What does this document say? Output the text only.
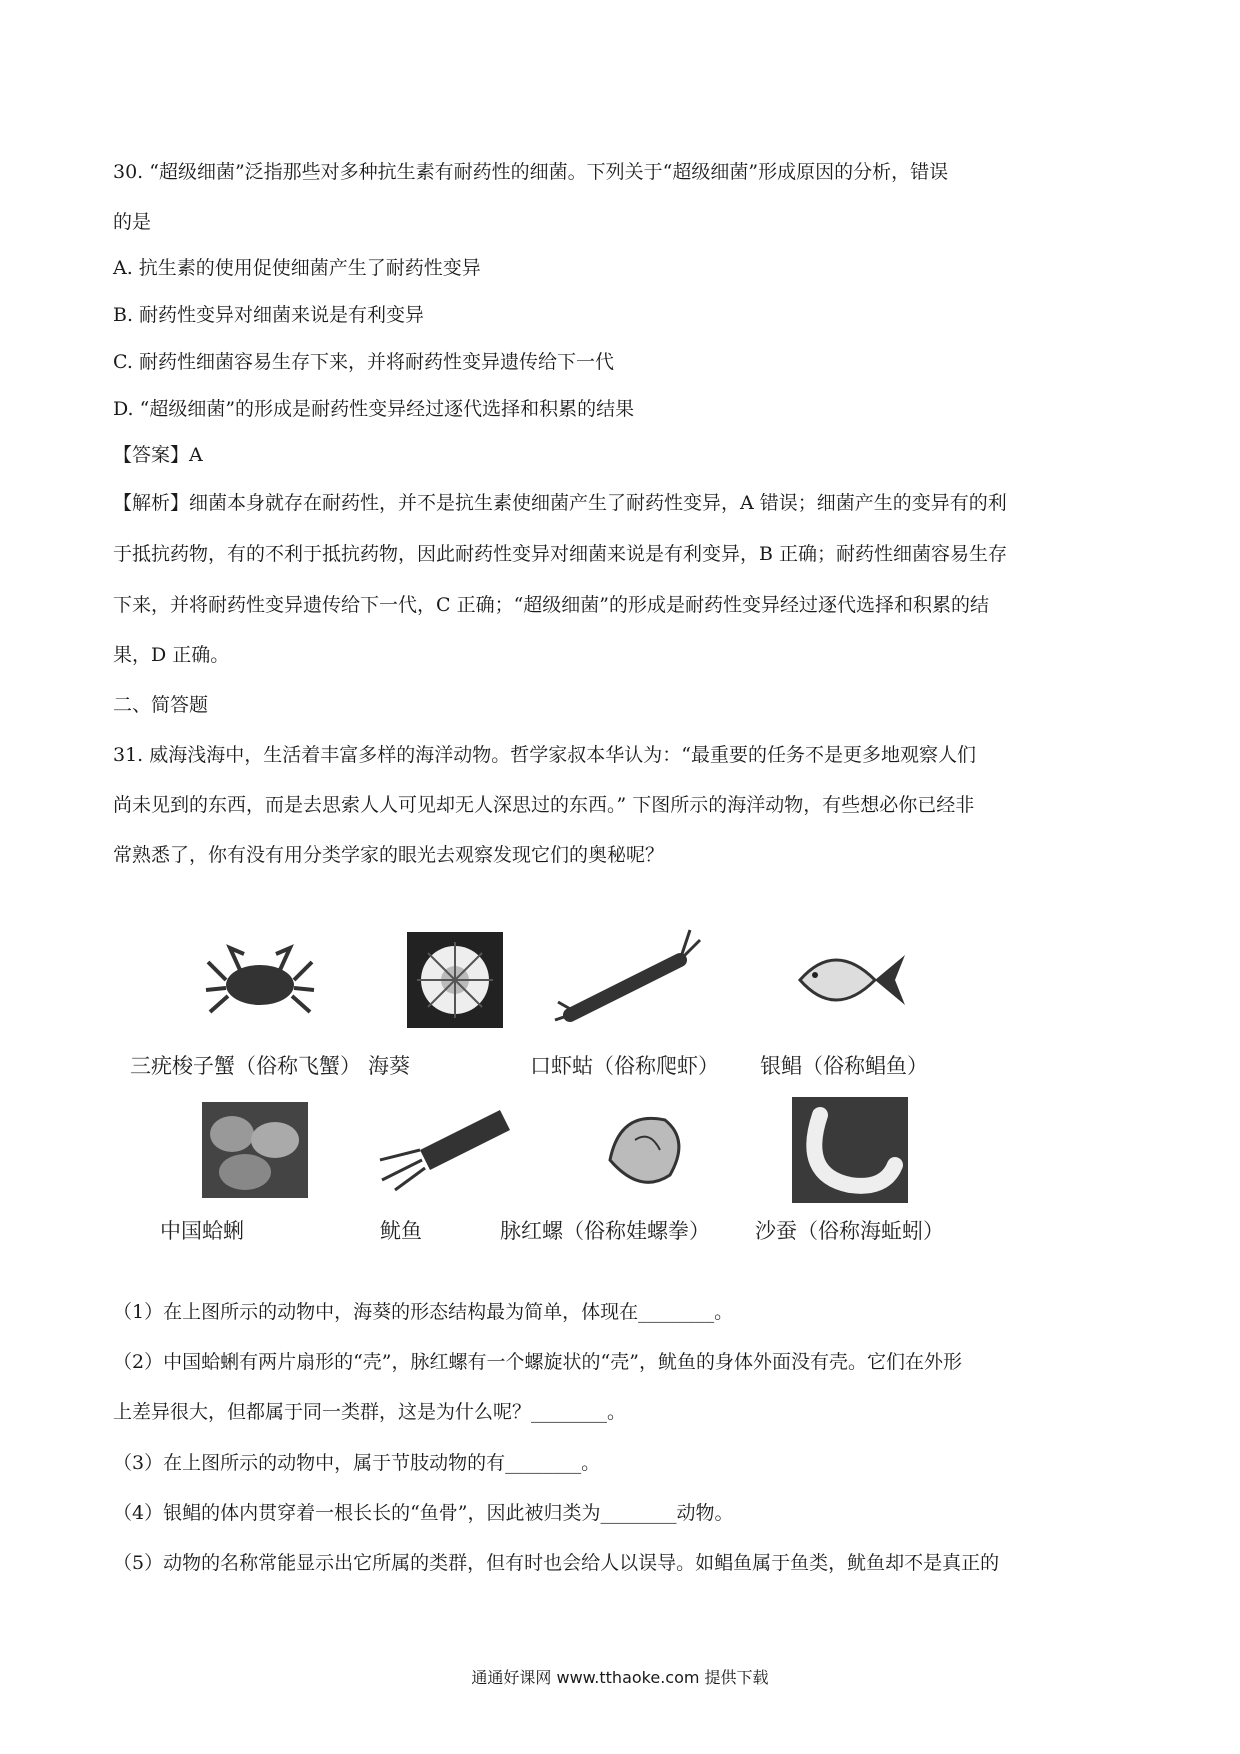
30. “超级细菌”泛指那些对多种抗生素有耐药性的细菌。下列关于“超级细菌”形成原因的分析，错误
的是
A. 抗生素的使用促使细菌产生了耐药性变异
B. 耐药性变异对细菌来说是有利变异
C. 耐药性细菌容易生存下来，并将耐药性变异遗传给下一代
D. “超级细菌”的形成是耐药性变异经过逐代选择和积累的结果
【答案】A
【解析】细菌本身就存在耐药性，并不是抗生素使细菌产生了耐药性变异，A 错误；细菌产生的变异有的利
于抵抗药物，有的不利于抵抗药物，因此耐药性变异对细菌来说是有利变异，B 正确；耐药性细菌容易生存
下来，并将耐药性变异遗传给下一代，C 正确；“超级细菌”的形成是耐药性变异经过逐代选择和积累的结
果，D 正确。
二、简答题
31. 威海浅海中，生活着丰富多样的海洋动物。哲学家叔本华认为：“最重要的任务不是更多地观察人们
尚未见到的东西，而是去思索人人可见却无人深思过的东西。” 下图所示的海洋动物，有些想必你已经非
常熟悉了，你有没有用分类学家的眼光去观察发现它们的奥秘呢？
三疣梭子蟹（俗称飞蟹） 海葵	口虾蛄（俗称爬虾） 银鲳（俗称鲳鱼）
中国蛤蜊	鱿鱼	脉红螺（俗称娃螺拳） 沙蚕（俗称海蚯蚓）
（1）在上图所示的动物中，海葵的形态结构最为简单，体现在________。
（2）中国蛤蜊有两片扇形的“壳”，脉红螺有一个螺旋状的“壳”，鱿鱼的身体外面没有壳。它们在外形
上差异很大，但都属于同一类群，这是为什么呢？________。
（3）在上图所示的动物中，属于节肢动物的有________。
（4）银鲳的体内贯穿着一根长长的“鱼骨”，因此被归类为________动物。
（5）动物的名称常能显示出它所属的类群，但有时也会给人以误导。如鲳鱼属于鱼类，鱿鱼却不是真正的
通通好课网 www.tthaoke.com 提供下载
